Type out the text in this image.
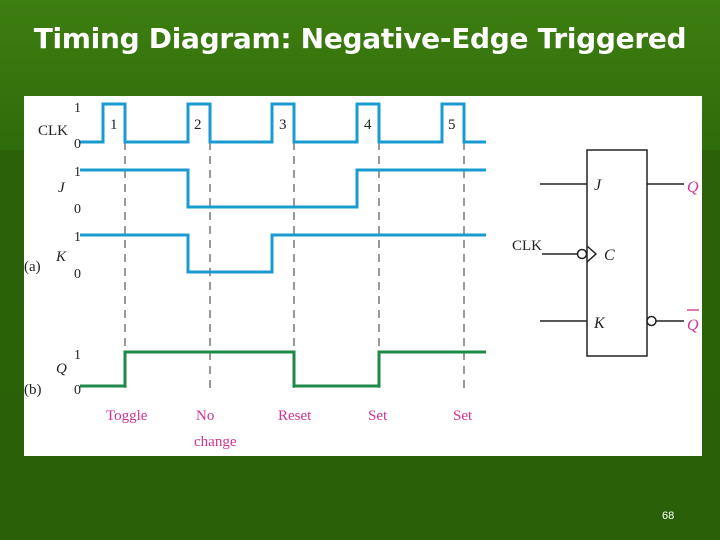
Timing Diagram: Negative-Edge Triggered
CLK
1
0
J
1
0
(a)
K
1
0
(b)
Q
1
0
1	2	3	4	5
Toggle	No
change
Reset	Set	Set
J
C
K
CLK
Q
Q
68
